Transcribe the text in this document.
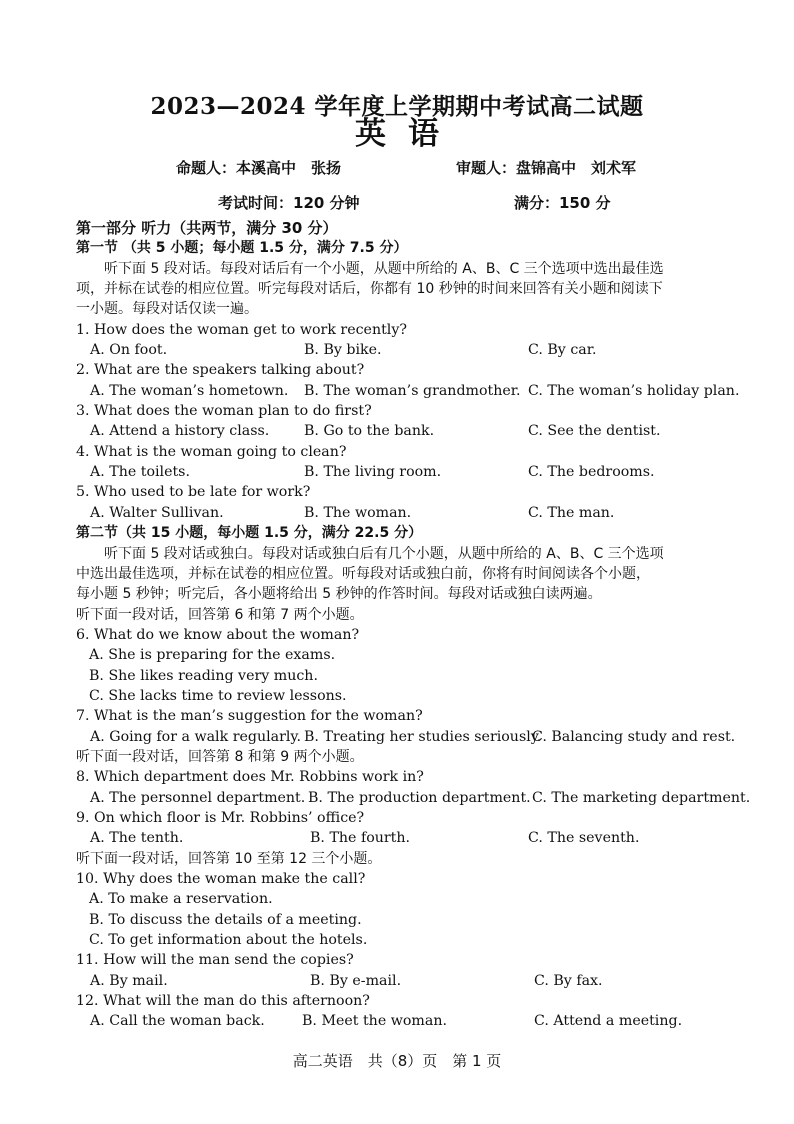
2023—2024 学年度上学期期中考试高二试题
英语
命题人：本溪高中　张扬	审题人：盘锦高中　刘术军
考试时间：120 分钟	满分：150 分
第一部分 听力（共两节，满分 30 分）
第一节 （共 5 小题；每小题 1.5 分，满分 7.5 分）
听下面 5 段对话。每段对话后有一个小题，从题中所给的 A、B、C 三个选项中选出最佳选
项，并标在试卷的相应位置。听完每段对话后，你都有 10 秒钟的时间来回答有关小题和阅读下
一小题。每段对话仅读一遍。
1. How does the woman get to work recently?
A. On foot.	B. By bike.	C. By car.
2. What are the speakers talking about?
A. The woman’s hometown. B. The woman’s grandmother. C. The woman’s holiday plan.
3. What does the woman plan to do first?
A. Attend a history class. B. Go to the bank.	C. See the dentist.
4. What is the woman going to clean?
A. The toilets.	B. The living room.	C. The bedrooms.
5. Who used to be late for work?
A. Walter Sullivan.	B. The woman.	C. The man.
第二节（共 15 小题，每小题 1.5 分，满分 22.5 分）
听下面 5 段对话或独白。每段对话或独白后有几个小题，从题中所给的 A、B、C 三个选项
中选出最佳选项，并标在试卷的相应位置。听每段对话或独白前，你将有时间阅读各个小题，
每小题 5 秒钟；听完后，各小题将给出 5 秒钟的作答时间。每段对话或独白读两遍。
听下面一段对话，回答第 6 和第 7 两个小题。
6. What do we know about the woman?
A. She is preparing for the exams.
B. She likes reading very much.
C. She lacks time to review lessons.
7. What is the man’s suggestion for the woman?
A. Going for a walk regularly. B. Treating her studies seriously.
C. Balancing study and rest.
听下面一段对话，回答第 8 和第 9 两个小题。
8. Which department does Mr. Robbins work in?
A. The personnel department. B. The production department. C. The marketing department.
9. On which floor is Mr. Robbins’ office?
A. The tenth.	B. The fourth.	C. The seventh.
听下面一段对话，回答第 10 至第 12 三个小题。
10. Why does the woman make the call?
A. To make a reservation.
B. To discuss the details of a meeting.
C. To get information about the hotels.
11. How will the man send the copies?
A. By mail.	B. By e-mail.	C. By fax.
12. What will the man do this afternoon?
A. Call the woman back.	B. Meet the woman.	C. Attend a meeting.
高二英语　共（8）页　第 1 页
